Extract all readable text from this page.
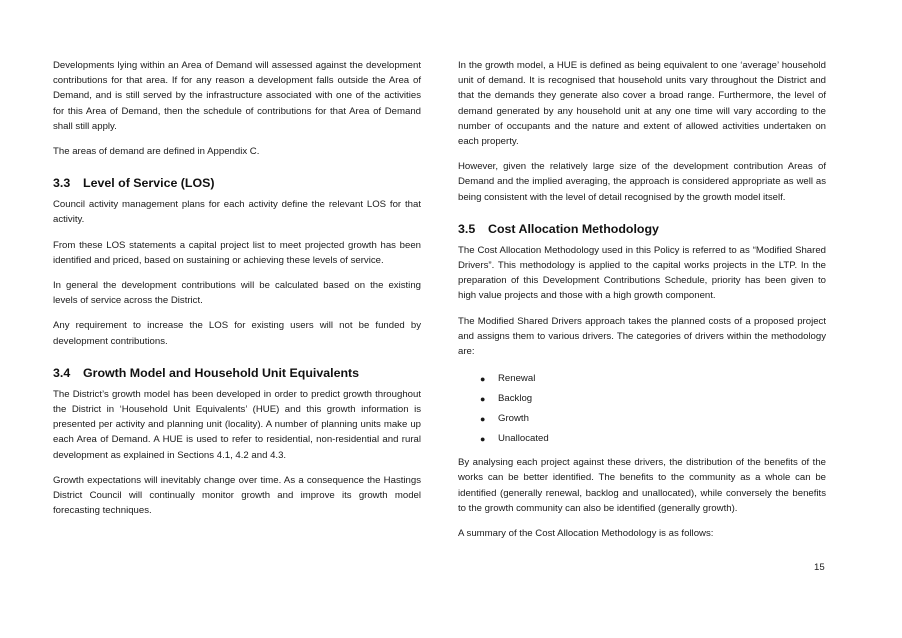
Developments lying within an Area of Demand will assessed against the development contributions for that area. If for any reason a development falls outside the Area of Demand, and is still served by the infrastructure associated with one of the activities for this Area of Demand, then the schedule of contributions for that Area of Demand shall still apply.

The areas of demand are defined in Appendix C.

3.3 Level of Service (LOS)

Council activity management plans for each activity define the relevant LOS for that activity.

From these LOS statements a capital project list to meet projected growth has been identified and priced, based on sustaining or achieving these levels of service.

In general the development contributions will be calculated based on the existing levels of service across the District.

Any requirement to increase the LOS for existing users will not be funded by development contributions.

3.4 Growth Model and Household Unit Equivalents

The District’s growth model has been developed in order to predict growth throughout the District in ‘Household Unit Equivalents’ (HUE) and this growth information is presented per activity and planning unit (locality). A number of planning units make up each Area of Demand. A HUE is used to refer to residential, non-residential and rural development as explained in Sections 4.1, 4.2 and 4.3.

Growth expectations will inevitably change over time. As a consequence the Hastings District Council will continually monitor growth and improve its growth model forecasting techniques.

In the growth model, a HUE is defined as being equivalent to one ‘average’ household unit of demand. It is recognised that household units vary throughout the District and that the demands they generate also cover a broad range. Furthermore, the level of demand generated by any household unit at any one time will vary according to the number of occupants and the nature and extent of allowed activities undertaken on each property.

However, given the relatively large size of the development contribution Areas of Demand and the implied averaging, the approach is considered appropriate as well as being consistent with the level of detail recognised by the growth model itself.

3.5 Cost Allocation Methodology

The Cost Allocation Methodology used in this Policy is referred to as “Modified Shared Drivers”. This methodology is applied to the capital works projects in the LTP. In the preparation of this Development Contributions Schedule, priority has been given to high value projects and those with a high growth component.

The Modified Shared Drivers approach takes the planned costs of a proposed project and assigns them to various drivers. The categories of drivers within the methodology are:

● Renewal
● Backlog
● Growth
● Unallocated

By analysing each project against these drivers, the distribution of the benefits of the works can be better identified. The benefits to the community as a whole can be identified (generally renewal, backlog and unallocated), while conversely the benefits to the growth community can also be identified (generally growth).

A summary of the Cost Allocation Methodology is as follows:

15
